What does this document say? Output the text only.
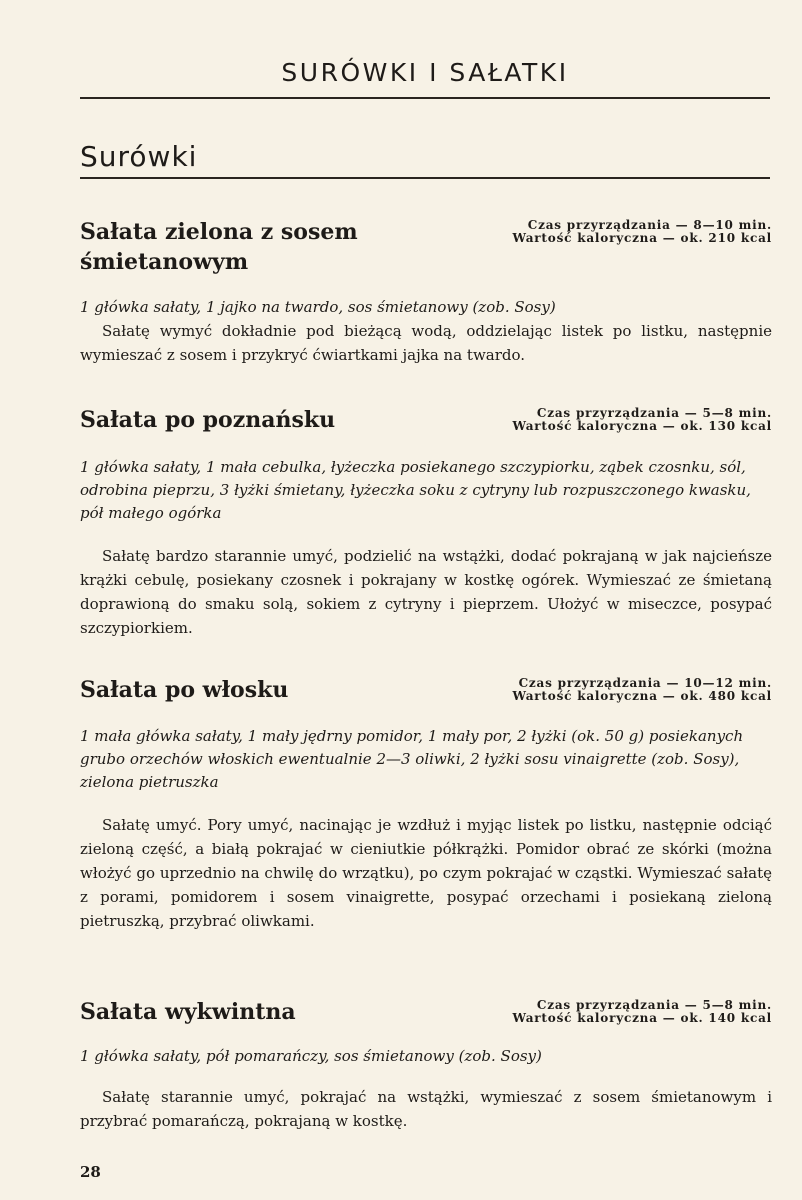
SURÓWKI I SAŁATKI
Surówki
Sałata zielona z sosem
śmietanowym
Czas przyrządzania — 8—10 min.
Wartość kaloryczna — ok. 210 kcal
1 główka sałaty, 1 jajko na twardo, sos śmietanowy (zob. Sosy)
Sałatę wymyć dokładnie pod bieżącą wodą, oddzielając listek po listku, następnie wymieszać z sosem i przykryć ćwiartkami jajka na twardo.
Sałata po poznańsku	Czas przyrządzania — 5—8 min.
Wartość kaloryczna — ok. 130 kcal
1 główka sałaty, 1 mała cebulka, łyżeczka posiekanego szczypiorku, ząbek czosnku, sól, odrobina pieprzu, 3 łyżki śmietany, łyżeczka soku z cytryny lub rozpuszczonego kwasku, pół małego ogórka
Sałatę bardzo starannie umyć, podzielić na wstążki, dodać pokrajaną w jak najcieńsze krążki cebulę, posiekany czosnek i pokrajany w kostkę ogórek. Wymieszać ze śmietaną doprawioną do smaku solą, sokiem z cytryny i pieprzem. Ułożyć w miseczce, posypać szczypiorkiem.
Sałata po włosku	Czas przyrządzania — 10—12 min.
Wartość kaloryczna — ok. 480 kcal
1 mała główka sałaty, 1 mały jędrny pomidor, 1 mały por, 2 łyżki (ok. 50 g) posiekanych grubo orzechów włoskich ewentualnie 2—3 oliwki, 2 łyżki sosu vinaigrette (zob. Sosy), zielona pietruszka
Sałatę umyć. Pory umyć, nacinając je wzdłuż i myjąc listek po listku, następnie odciąć zieloną część, a białą pokrajać w cieniutkie półkrążki. Pomidor obrać ze skórki (można włożyć go uprzednio na chwilę do wrzątku), po czym pokrajać w cząstki. Wymieszać sałatę z porami, pomidorem i sosem vinaigrette, posypać orzechami i posiekaną zieloną pietruszką, przybrać oliwkami.
Sałata wykwintna	Czas przyrządzania — 5—8 min.
Wartość kaloryczna — ok. 140 kcal
1 główka sałaty, pół pomarańczy, sos śmietanowy (zob. Sosy)
Sałatę starannie umyć, pokrajać na wstążki, wymieszać z sosem śmietanowym i przybrać pomarańczą, pokrajaną w kostkę.
28
